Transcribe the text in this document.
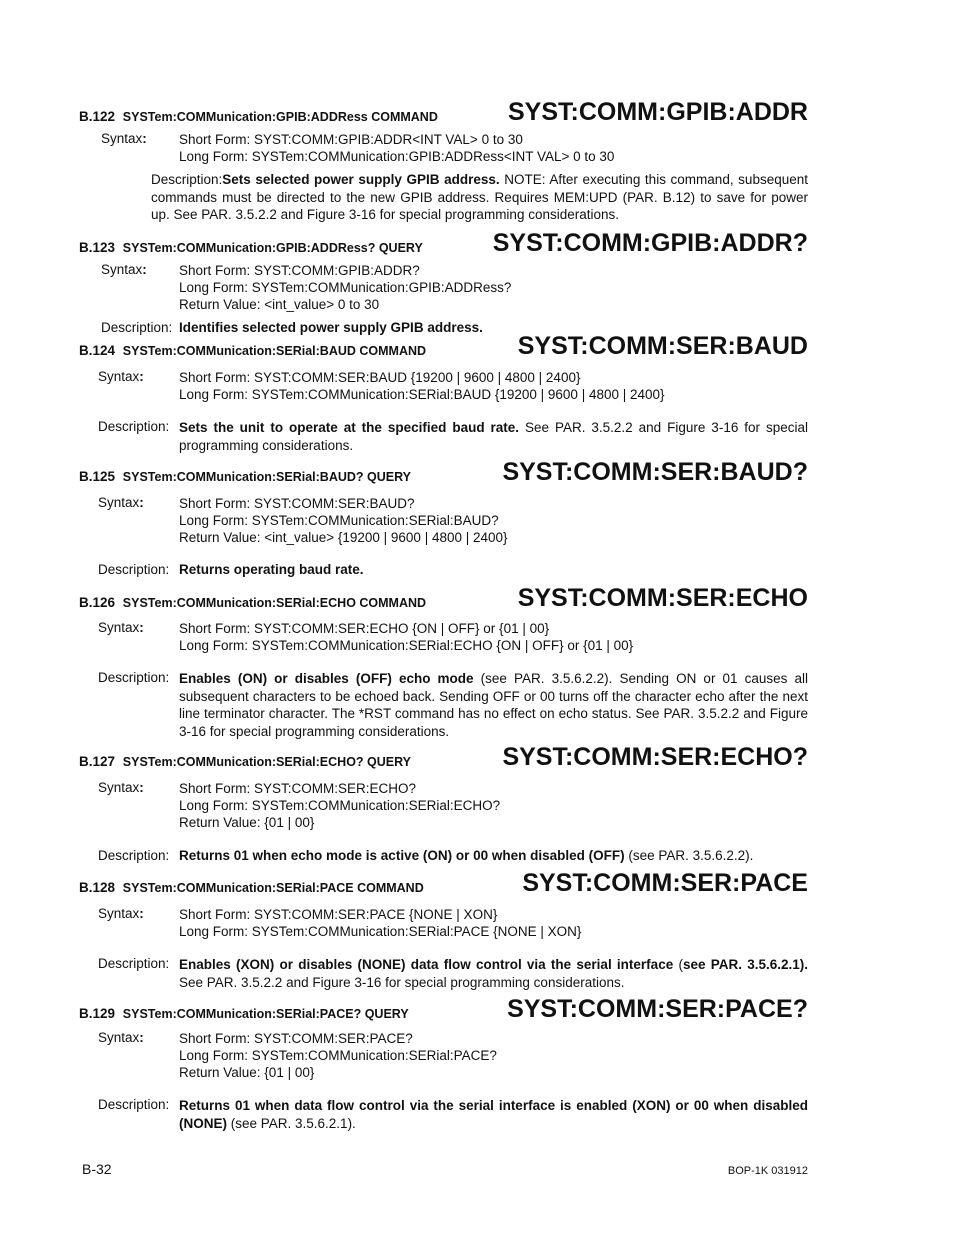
B.122 SYSTem:COMMunication:GPIB:ADDRess COMMAND	SYST:COMM:GPIB:ADDR
Syntax: Short Form: SYST:COMM:GPIB:ADDR<INT VAL> 0 to 30
Long Form: SYSTem:COMMunication:GPIB:ADDRess<INT VAL> 0 to 30
Description:Sets selected power supply GPIB address. NOTE: After executing this command, subsequent commands must be directed to the new GPIB address. Requires MEM:UPD (PAR. B.12) to save for power up. See PAR. 3.5.2.2 and Figure 3-16 for special programming considerations.
B.123 SYSTem:COMMunication:GPIB:ADDRess? QUERY	SYST:COMM:GPIB:ADDR?
Syntax: Short Form: SYST:COMM:GPIB:ADDR?
Long Form: SYSTem:COMMunication:GPIB:ADDRess?
Return Value: <int_value> 0 to 30
Description: Identifies selected power supply GPIB address.
B.124 SYSTem:COMMunication:SERial:BAUD COMMAND	SYST:COMM:SER:BAUD
Syntax:	Short Form: SYST:COMM:SER:BAUD {19200 | 9600 | 4800 | 2400}
Long Form: SYSTem:COMMunication:SERial:BAUD {19200 | 9600 | 4800 | 2400}
Description: Sets the unit to operate at the specified baud rate. See PAR. 3.5.2.2 and Figure 3-16 for special programming considerations.
B.125 SYSTem:COMMunication:SERial:BAUD? QUERY	SYST:COMM:SER:BAUD?
Syntax:	Short Form: SYST:COMM:SER:BAUD?
Long Form: SYSTem:COMMunication:SERial:BAUD?
Return Value: <int_value> {19200 | 9600 | 4800 | 2400}
Description: Returns operating baud rate.
B.126 SYSTem:COMMunication:SERial:ECHO COMMAND	SYST:COMM:SER:ECHO
Syntax:	Short Form: SYST:COMM:SER:ECHO {ON | OFF} or {01 | 00}
Long Form: SYSTem:COMMunication:SERial:ECHO {ON | OFF} or {01 | 00}
Description: Enables (ON) or disables (OFF) echo mode (see PAR. 3.5.6.2.2). Sending ON or 01 causes all subsequent characters to be echoed back. Sending OFF or 00 turns off the character echo after the next line terminator character. The *RST command has no effect on echo status. See PAR. 3.5.2.2 and Figure 3-16 for special programming considerations.
B.127 SYSTem:COMMunication:SERial:ECHO? QUERY	SYST:COMM:SER:ECHO?
Syntax:	Short Form: SYST:COMM:SER:ECHO?
Long Form: SYSTem:COMMunication:SERial:ECHO?
Return Value: {01 | 00}
Description: Returns 01 when echo mode is active (ON) or 00 when disabled (OFF) (see PAR. 3.5.6.2.2).
B.128 SYSTem:COMMunication:SERial:PACE COMMAND	SYST:COMM:SER:PACE
Syntax:	Short Form: SYST:COMM:SER:PACE {NONE | XON}
Long Form: SYSTem:COMMunication:SERial:PACE {NONE | XON}
Description: Enables (XON) or disables (NONE) data flow control via the serial interface (see PAR. 3.5.6.2.1). See PAR. 3.5.2.2 and Figure 3-16 for special programming considerations.
B.129 SYSTem:COMMunication:SERial:PACE? QUERY	SYST:COMM:SER:PACE?
Syntax:	Short Form: SYST:COMM:SER:PACE?
Long Form: SYSTem:COMMunication:SERial:PACE?
Return Value: {01 | 00}
Description: Returns 01 when data flow control via the serial interface is enabled (XON) or 00 when disabled (NONE) (see PAR. 3.5.6.2.1).
B-32	BOP-1K 031912
